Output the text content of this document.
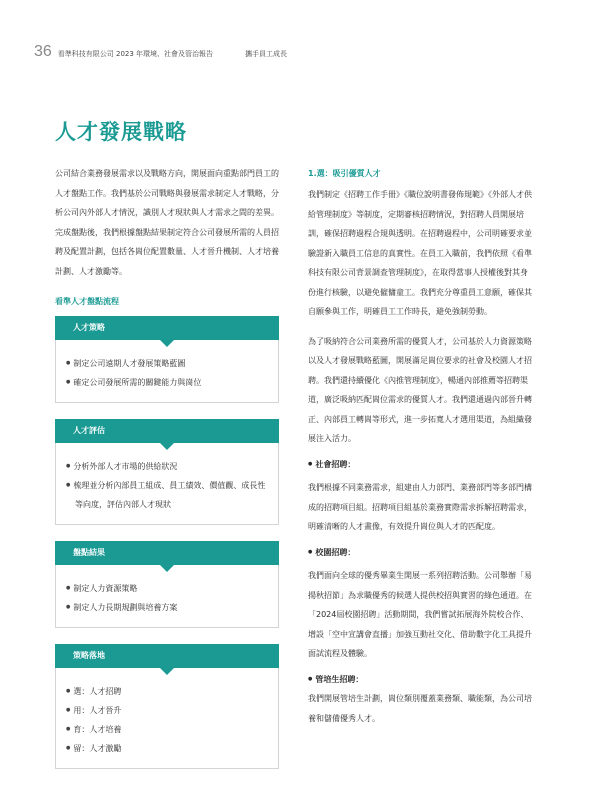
36 看準科技有限公司 2023 年環境、社會及管治報告	攜手員工成長
人才發展戰略

公司結合業務發展需求以及戰略方向，開展面向重點部門員工的人才盤點工作。我們基於公司戰略與發展需求制定人才戰略，分析公司內外部人才情況，識別人才現狀與人才需求之間的差異。完成盤點後，我們根據盤點結果制定符合公司發展所需的人員招聘及配置計劃，包括各崗位配置數量、人才晉升機制、人才培養計劃、人才激勵等。

看準人才盤點流程
人才策略
● 制定公司遠期人才發展策略藍圖
● 確定公司發展所需的關鍵能力與崗位
人才評估
● 分析外部人才市場的供給狀況
● 梳理並分析內部員工組成、員工績效、價值觀、成長性等向度，評估內部人才現狀
盤點結果
● 制定人力資源策略
● 制定人力長期規劃與培養方案
策略落地
● 選：人才招聘
● 用：人才晉升
● 育：人才培養
● 留：人才激勵
1.選：吸引優質人才

我們制定《招聘工作手冊》《職位說明書發佈規範》《外部人才供給管理制度》等制度，定期審核招聘情況，對招聘人員開展培訓，確保招聘過程合規與透明。在招聘過程中，公司明確要求並驗證新入職員工信息的真實性。在員工入職前，我們依照《看準科技有限公司背景調查管理制度》，在取得當事人授權後對其身份進行核驗，以避免僱傭童工。我們充分尊重員工意願，確保其自願參與工作，明確員工工作時長，避免強制勞動。

為了吸納符合公司業務所需的優質人才，公司基於人力資源策略以及人才發展戰略藍圖，開展滿足崗位要求的社會及校園人才招聘。我們還持續優化《內推管理制度》，暢通內部推薦等招聘渠道，廣泛吸納匹配崗位需求的優質人才。我們還通過內部晉升轉正、內部員工轉崗等形式，進一步拓寬人才選用渠道，為組織發展注入活力。

● 社會招聘：

我們根據不同業務需求，組建由人力部門、業務部門等多部門構成的招聘項目組。招聘項目組基於業務實際需求拆解招聘需求，明確清晰的人才畫像，有效提升崗位與人才的匹配度。

● 校園招聘：

我們面向全球的優秀畢業生開展一系列招聘活動。公司舉辦「易揚秋招節」為求職優秀的候選人提供校招與實習的綠色通道。在「2024屆校園招聘」活動期間，我們嘗試拓展海外院校合作、增設「空中宣講會直播」加強互動社交化、借助數字化工具提升面試流程及體驗。

● 管培生招聘：

我們開展管培生計劃，崗位類別覆蓋業務類、職能類，為公司培養和儲備優秀人才。
